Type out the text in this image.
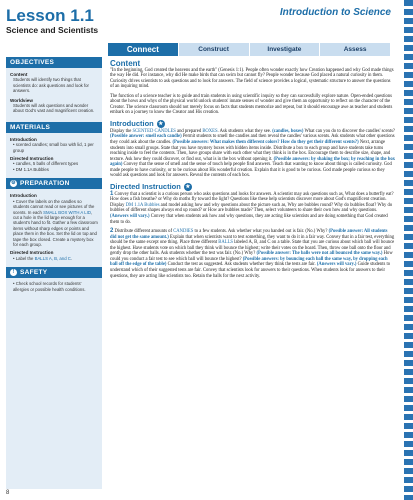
Lesson 1.1
Science and Scientists
Introduction to Science
Connect	Construct	Investigate	Assess
OBJECTIVES
Content
Students will identify two things that scientists do: ask questions and look for answers.
Worldview
Students will ask questions and wonder about God's vast and magnificent creation.
MATERIALS
Introduction
• scented candles; small box with lid, 1 per group
Directed Instruction
• candles, 5 balls of different types
• DM 1.1A Bubbles
⚙ PREPARATION
Introduction
• Cover the labels on the candles so students cannot read or see pictures of the scents. In each SMALL BOX WITH A LID, cut a hole in the lid large enough for a student's hand to fit. Gather a few classroom items without sharp edges or points and place them in the box. Set the lid on top and tape the box closed. Create a mystery box for each group.
Directed Instruction
• Label the BALLS A, B, and C.
! SAFETY
• Check school records for students' allergies or possible health conditions.
Content

"In the beginning, God created the heavens and the earth" (Genesis 1:1). People often wonder exactly how Creation happened and why God made things the way He did. For instance, why did He make birds that can swim but cannot fly? People wonder because God placed a natural curiosity in them. Curiosity drives scientists to ask questions and to look for answers. The field of science provides a logical, systematic structure to answer the questions of an inquiring mind.

The function of a science teacher is to guide and train students in using scientific inquiry so they can successfully explore nature. Open-ended questions about the hows and whys of the physical world unlock students' innate senses of wonder and give them an opportunity to reflect on the character of the Creator. The science classroom should not merely focus on facts that students memorize and repeat, but it should encourage awe as teacher and students embark on a journey to know the Creator and His creation.

Introduction ★

Display the SCENTED CANDLES and prepared BOXES. Ask students what they see. (candles, boxes) What can you do to discover the candles' scents? (Possible answer: smell each candle) Permit students to smell the candles and then reveal the candles' various scents. Ask students what other questions they could ask about the candles. (Possible answers: What makes them different colors? How do they get their different scents?) Next, arrange students into small groups. State that you have mystery boxes with hidden items inside. Distribute a box to each group and have students take turns reaching inside to feel the contents. Then, have groups share with each other what they think is in the box. Encourage them to describe size, shape, and texture. Ask how they could discover, or find out, what is in the box without opening it. (Possible answers: by shaking the box; by reaching in the box again) Convey that the sense of smell and the sense of touch help people find answers. Teach that wanting to know about things is called curiosity. God made people to have curiosity, or to be curious about His wonderful creation. Explain that it is good to be curious. God made people curious so they would ask questions and look for answers. Reveal the contents of each box.

Directed Instruction ★

1 Convey that a scientist is a curious person who asks questions and looks for answers. A scientist may ask questions such as, What does a butterfly eat? How does a fish breathe? or Why do moths fly toward the light? Questions like these help scientists discover more about God's magnificent creation. Display DM 1.1A Bubbles and model asking how and why questions about the picture such as, Why are bubbles round? Why do bubbles float? Why do bubbles of different shapes always end up round? or How are bubbles made? Then, select volunteers to share their own how and why questions. (Answers will vary.) Convey that when students ask how and why questions, they are acting like scientists and are doing something that God created them to do.

2 Distribute different amounts of CANDIES to a few students. Ask whether what you handed out is fair. (No.) Why? (Possible answer: All students did not get the same amount.) Explain that when scientists want to test something, they want to do it in a fair way. Convey that in a fair test, everything should be the same except one thing. Place three different BALLS labeled A, B, and C on a table. State that you are curious about which ball will bounce the highest. Have students vote on which ball they think will bounce the highest; write their votes on the board. Then, throw one ball onto the floor and gently drop the other balls. Ask students whether the test was fair. (No.) Why? (Possible answer: The balls were not all bounced the same way.) How could you conduct a fair test to see which ball will bounce the highest? (Possible answers: by bouncing each ball the same way, by dropping each ball off the edge of the table) Conduct the test as suggested. Ask students whether they think the tests are fair. (Answers will vary.) Guide students to understand which of their suggested tests are fair. Convey that scientists look for answers to their questions. When students look for answers to their questions, they are acting like scientists too. Retain the balls for the next activity.

8
